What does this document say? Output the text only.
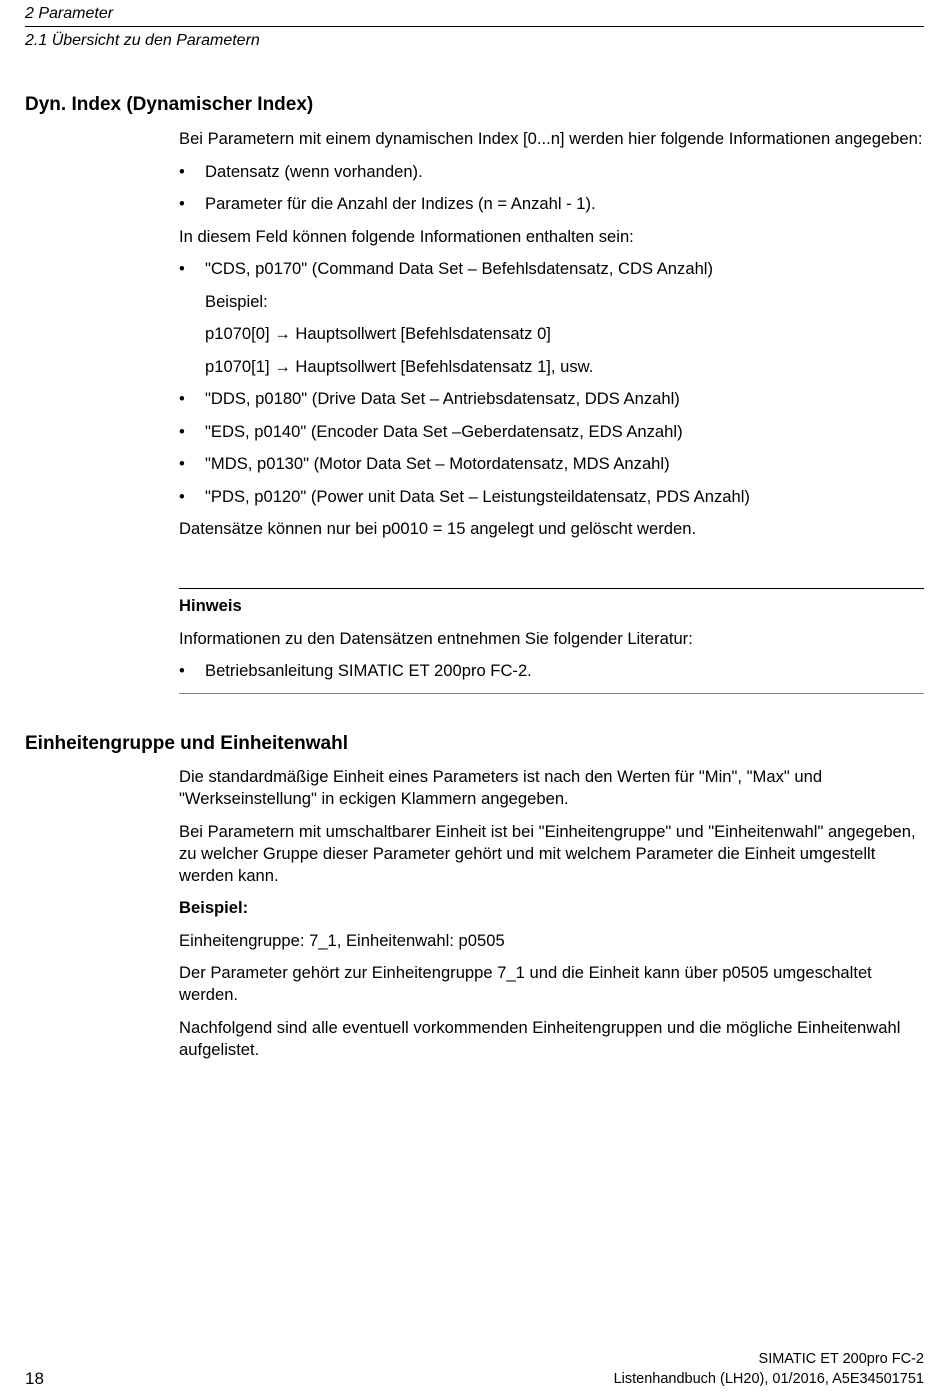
2 Parameter
2.1 Übersicht zu den Parametern
Dyn. Index (Dynamischer Index)
Bei Parametern mit einem dynamischen Index [0...n] werden hier folgende Informationen angegeben:
• Datensatz (wenn vorhanden).
• Parameter für die Anzahl der Indizes (n = Anzahl - 1).
In diesem Feld können folgende Informationen enthalten sein:
• "CDS, p0170" (Command Data Set – Befehlsdatensatz, CDS Anzahl)
Beispiel:
p1070[0] → Hauptsollwert [Befehlsdatensatz 0]
p1070[1] → Hauptsollwert [Befehlsdatensatz 1], usw.
• "DDS, p0180" (Drive Data Set – Antriebsdatensatz, DDS Anzahl)
• "EDS, p0140" (Encoder Data Set –Geberdatensatz, EDS Anzahl)
• "MDS, p0130" (Motor Data Set – Motordatensatz, MDS Anzahl)
• "PDS, p0120" (Power unit Data Set – Leistungsteildatensatz, PDS Anzahl)
Datensätze können nur bei p0010 = 15 angelegt und gelöscht werden.
Hinweis
Informationen zu den Datensätzen entnehmen Sie folgender Literatur:
• Betriebsanleitung SIMATIC ET 200pro FC-2.
Einheitengruppe und Einheitenwahl
Die standardmäßige Einheit eines Parameters ist nach den Werten für "Min", "Max" und "Werkseinstellung" in eckigen Klammern angegeben.
Bei Parametern mit umschaltbarer Einheit ist bei "Einheitengruppe" und "Einheitenwahl" angegeben, zu welcher Gruppe dieser Parameter gehört und mit welchem Parameter die Einheit umgestellt werden kann.
Beispiel:
Einheitengruppe: 7_1, Einheitenwahl: p0505
Der Parameter gehört zur Einheitengruppe 7_1 und die Einheit kann über p0505 umgeschaltet werden.
Nachfolgend sind alle eventuell vorkommenden Einheitengruppen und die mögliche Einheitenwahl aufgelistet.
18
SIMATIC ET 200pro FC-2
Listenhandbuch (LH20), 01/2016, A5E34501751
